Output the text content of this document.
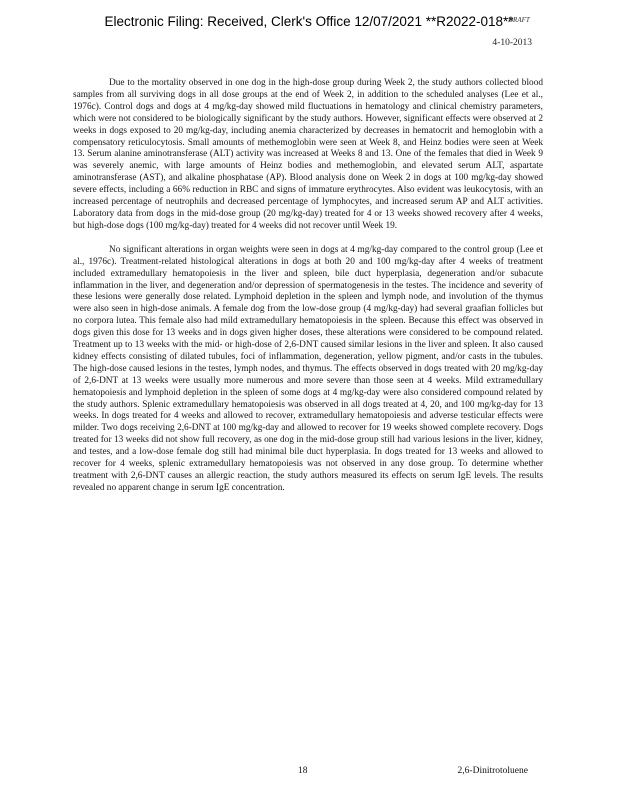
Electronic Filing: Received, Clerk's Office 12/07/2021 **R2022-018**
DRAFT
4-10-2013

Due to the mortality observed in one dog in the high-dose group during Week 2, the study authors collected blood samples from all surviving dogs in all dose groups at the end of Week 2, in addition to the scheduled analyses (Lee et al., 1976c). Control dogs and dogs at 4 mg/kg-day showed mild fluctuations in hematology and clinical chemistry parameters, which were not considered to be biologically significant by the study authors. However, significant effects were observed at 2 weeks in dogs exposed to 20 mg/kg-day, including anemia characterized by decreases in hematocrit and hemoglobin with a compensatory reticulocytosis. Small amounts of methemoglobin were seen at Week 8, and Heinz bodies were seen at Week 13. Serum alanine aminotransferase (ALT) activity was increased at Weeks 8 and 13. One of the females that died in Week 9 was severely anemic, with large amounts of Heinz bodies and methemoglobin, and elevated serum ALT, aspartate aminotransferase (AST), and alkaline phosphatase (AP). Blood analysis done on Week 2 in dogs at 100 mg/kg-day showed severe effects, including a 66% reduction in RBC and signs of immature erythrocytes. Also evident was leukocytosis, with an increased percentage of neutrophils and decreased percentage of lymphocytes, and increased serum AP and ALT activities. Laboratory data from dogs in the mid-dose group (20 mg/kg-day) treated for 4 or 13 weeks showed recovery after 4 weeks, but high-dose dogs (100 mg/kg-day) treated for 4 weeks did not recover until Week 19.

No significant alterations in organ weights were seen in dogs at 4 mg/kg-day compared to the control group (Lee et al., 1976c). Treatment-related histological alterations in dogs at both 20 and 100 mg/kg-day after 4 weeks of treatment included extramedullary hematopoiesis in the liver and spleen, bile duct hyperplasia, degeneration and/or subacute inflammation in the liver, and degeneration and/or depression of spermatogenesis in the testes. The incidence and severity of these lesions were generally dose related. Lymphoid depletion in the spleen and lymph node, and involution of the thymus were also seen in high-dose animals. A female dog from the low-dose group (4 mg/kg-day) had several graafian follicles but no corpora lutea. This female also had mild extramedullary hematopoiesis in the spleen. Because this effect was observed in dogs given this dose for 13 weeks and in dogs given higher doses, these alterations were considered to be compound related. Treatment up to 13 weeks with the mid- or high-dose of 2,6-DNT caused similar lesions in the liver and spleen. It also caused kidney effects consisting of dilated tubules, foci of inflammation, degeneration, yellow pigment, and/or casts in the tubules. The high-dose caused lesions in the testes, lymph nodes, and thymus. The effects observed in dogs treated with 20 mg/kg-day of 2,6-DNT at 13 weeks were usually more numerous and more severe than those seen at 4 weeks. Mild extramedullary hematopoiesis and lymphoid depletion in the spleen of some dogs at 4 mg/kg-day were also considered compound related by the study authors. Splenic extramedullary hematopoiesis was observed in all dogs treated at 4, 20, and 100 mg/kg-day for 13 weeks. In dogs treated for 4 weeks and allowed to recover, extramedullary hematopoiesis and adverse testicular effects were milder. Two dogs receiving 2,6-DNT at 100 mg/kg-day and allowed to recover for 19 weeks showed complete recovery. Dogs treated for 13 weeks did not show full recovery, as one dog in the mid-dose group still had various lesions in the liver, kidney, and testes, and a low-dose female dog still had minimal bile duct hyperplasia. In dogs treated for 13 weeks and allowed to recover for 4 weeks, splenic extramedullary hematopoiesis was not observed in any dose group. To determine whether treatment with 2,6-DNT causes an allergic reaction, the study authors measured its effects on serum IgE levels. The results revealed no apparent change in serum IgE concentration.

18	2,6-Dinitrotoluene
